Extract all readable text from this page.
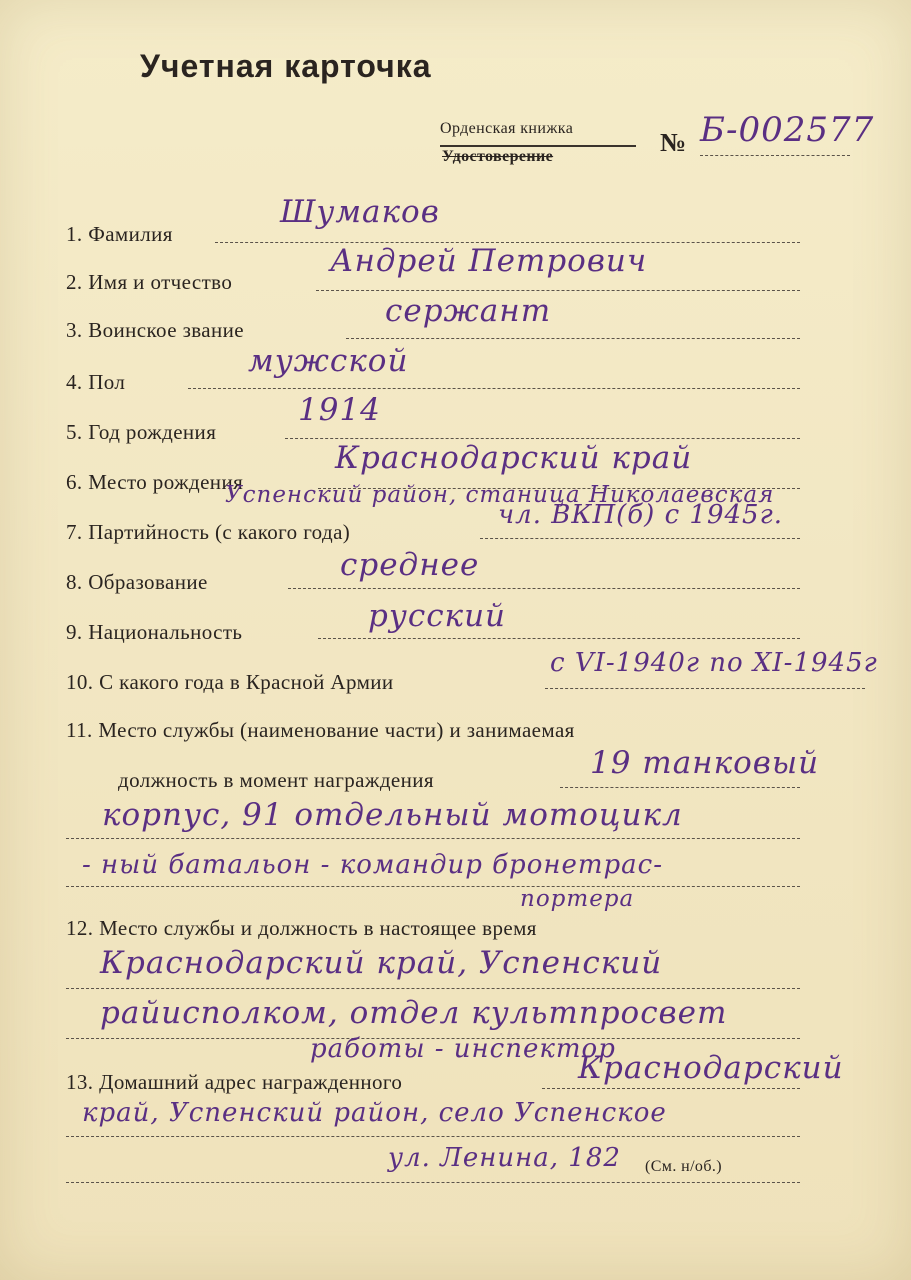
Учетная карточка
Орденская книжка
Удостоверение	№ Б-002577
1. Фамилия
Шумаков
2. Имя и отчество
Андрей Петрович
3. Воинское звание
сержант
4. Пол
мужской
5. Год рождения
1914
6. Место рождения
Краснодарский край
Успенский район, станица Николаевская
7. Партийность (с какого года)
чл. ВКП(б) с 1945г.
8. Образование	среднее
9. Национальность	русский
10. С какого года в Красной Армии
с VI-1940г по XI-1945г
11. Место службы (наименование части) и занимаемая
должность в момент награждения	19 танковый
корпус, 91 отдельный мотоцикл
- ный батальон - командир бронетрас-
портера
12. Место службы и должность в настоящее время
Краснодарский край, Успенский
райисполком, отдел культпросвет
работы - инспектор
13. Домашний адрес награжденного	Краснодарский
край, Успенский район, село Успенское
ул. Ленина, 182 (См. н/об.)
